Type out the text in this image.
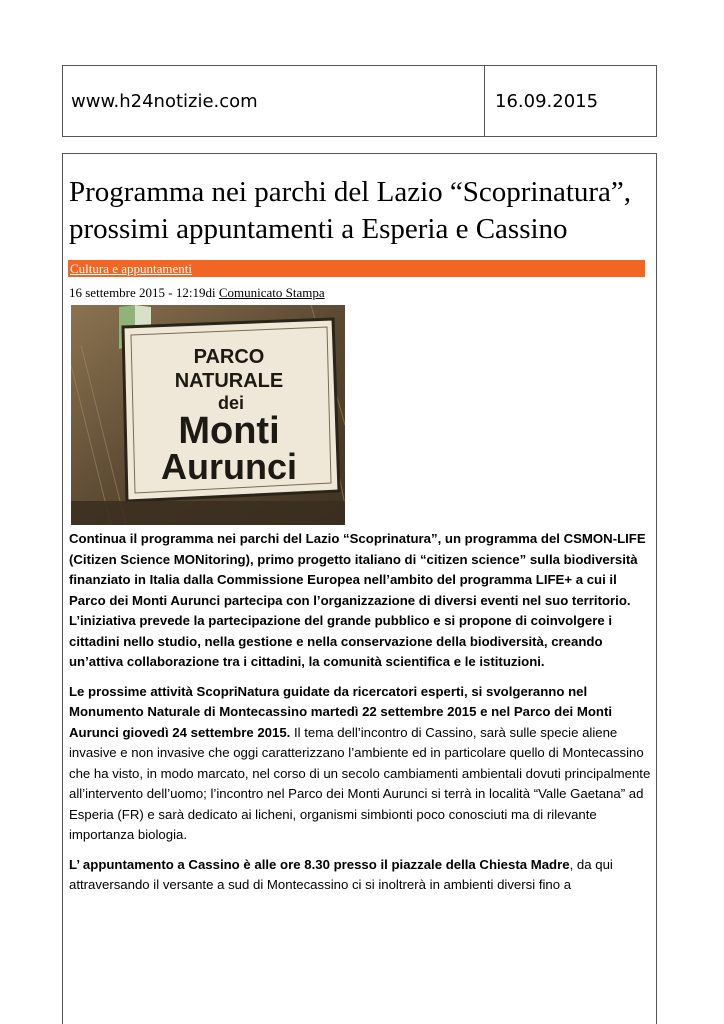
www.h24notizie.com	16.09.2015
Programma nei parchi del Lazio “Scoprinatura”, prossimi appuntamenti a Esperia e Cassino
Cultura e appuntamenti
16 settembre 2015 - 12:19di Comunicato Stampa
PARCO
NATURALE
dei
Monti
Aurunci

Continua il programma nei parchi del Lazio “Scoprinatura”, un programma del CSMON-LIFE (Citizen Science MONitoring), primo progetto italiano di “citizen science” sulla biodiversità finanziato in Italia dalla Commissione Europea nell’ambito del programma LIFE+ a cui il Parco dei Monti Aurunci partecipa con l’organizzazione di diversi eventi nel suo territorio. L’iniziativa prevede la partecipazione del grande pubblico e si propone di coinvolgere i cittadini nello studio, nella gestione e nella conservazione della biodiversità, creando un’attiva collaborazione tra i cittadini, la comunità scientifica e le istituzioni.

Le prossime attività ScopriNatura guidate da ricercatori esperti, si svolgeranno nel Monumento Naturale di Montecassino martedì 22 settembre 2015 e nel Parco dei Monti Aurunci giovedì 24 settembre 2015. Il tema dell’incontro di Cassino, sarà sulle specie aliene invasive e non invasive che oggi caratterizzano l’ambiente ed in particolare quello di Montecassino che ha visto, in modo marcato, nel corso di un secolo cambiamenti ambientali dovuti principalmente all’intervento dell’uomo; l’incontro nel Parco dei Monti Aurunci si terrà in località “Valle Gaetana” ad Esperia (FR) e sarà dedicato ai licheni, organismi simbionti poco conosciuti ma di rilevante importanza biologia.

L’ appuntamento a Cassino è alle ore 8.30 presso il piazzale della Chiesta Madre, da qui attraversando il versante a sud di Montecassino ci si inoltrerà in ambienti diversi fino a
